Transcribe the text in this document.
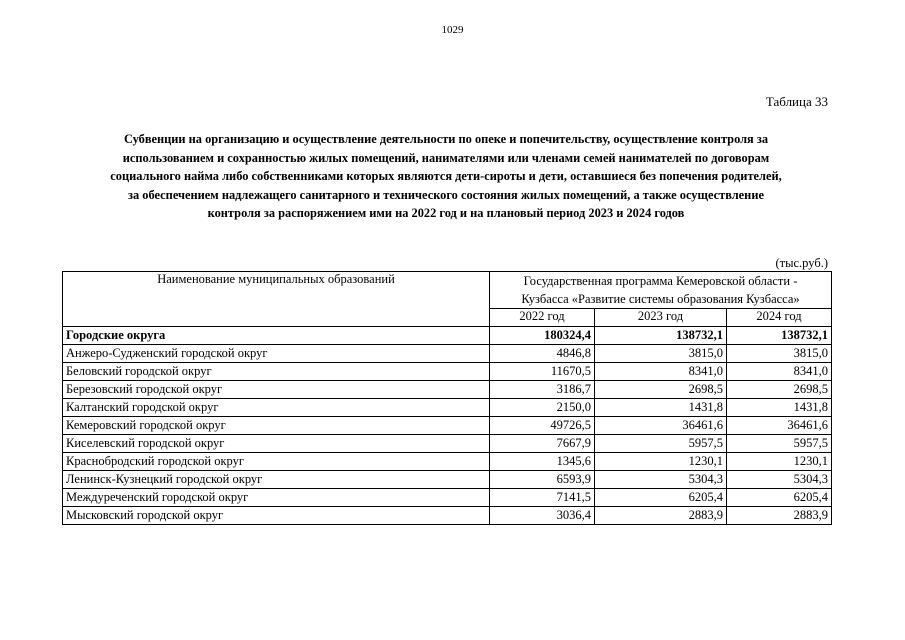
1029
Таблица 33
Субвенции на организацию и осуществление деятельности по опеке и попечительству, осуществление контроля за
использованием и сохранностью жилых помещений, нанимателями или членами семей нанимателей по договорам
социального найма либо собственниками которых являются дети-сироты и дети, оставшиеся без попечения родителей,
за обеспечением надлежащего санитарного и технического состояния жилых помещений, а также осуществление
контроля за распоряжением ими на 2022 год и на плановый период 2023 и 2024 годов
(тыс.руб.)
Наименование муниципальных образований	Государственная программа Кемеровской области -
Кузбасса «Развитие системы образования Кузбасса»		

	2022 год	2023 год	2024 год
Городские округа	180324,4	138732,1	138732,1
Анжеро-Судженский городской округ	4846,8	3815,0	3815,0
Беловский городской округ	11670,5	8341,0	8341,0
Березовский городской округ	3186,7	2698,5	2698,5
Калтанский городской округ	2150,0	1431,8	1431,8
Кемеровский городской округ	49726,5	36461,6	36461,6
Киселевский городской округ	7667,9	5957,5	5957,5
Краснобродский городской округ	1345,6	1230,1	1230,1
Ленинск-Кузнецкий городской округ	6593,9	5304,3	5304,3
Междуреченский городской округ	7141,5	6205,4	6205,4
Мысковский городской округ	3036,4	2883,9	2883,9
